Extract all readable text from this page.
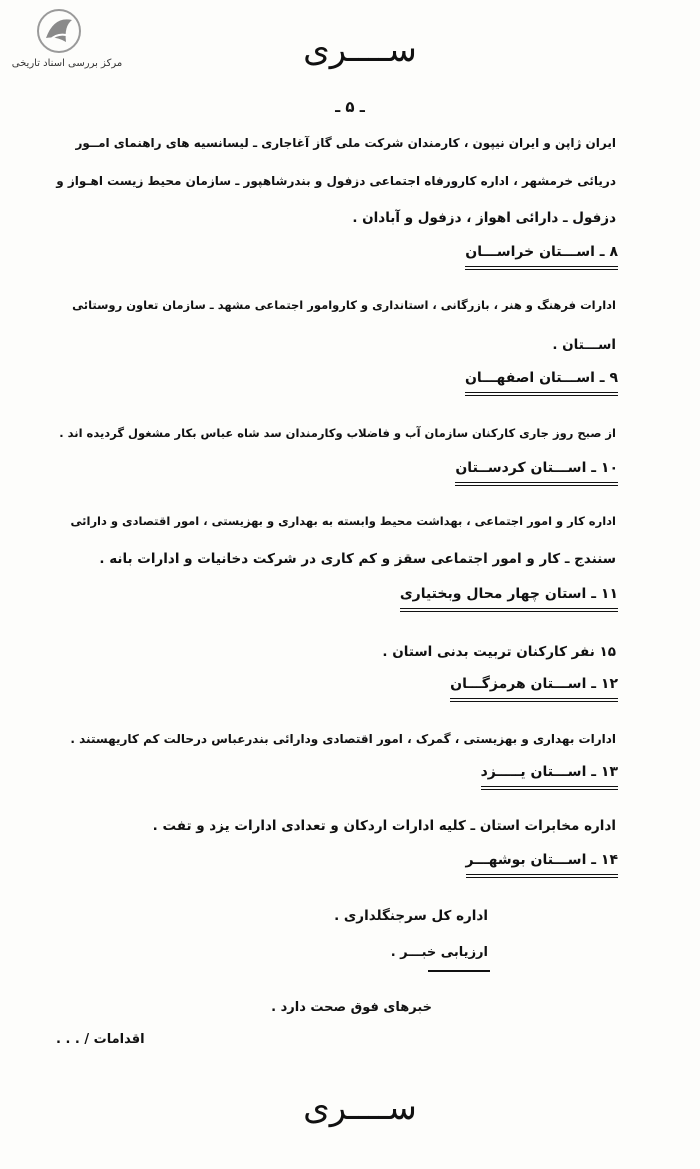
مرکز بررسی اسناد تاریخی	ســــری
ـ ۵ ـ
ایران ژاپن و ایران نیپون ، کارمندان شرکت ملی گاز آغاجاری ـ لیسانسیه های راهنمای امــور
دریائی خرمشهر ، اداره کارورفاه اجتماعی دزفول و بندرشاهپور ـ سازمان محیط زیست اهـواز و
دزفول ـ دارائی اهواز ، دزفول و آبادان .
۸ ـ اســـتان خراســـان
ادارات فرهنگ و هنر ، بازرگانی ، استانداری و کاروامور اجتماعی مشهد ـ سازمان تعاون روستائی
اســـتان .
۹ ـ اســـتان اصفهـــان
از صبح روز جاری کارکنان سازمان آب و فاضلاب وکارمندان سد شاه عباس بکار مشغول گردیده اند .
۱۰ ـ اســـتان کردســتان
اداره کار و امور اجتماعی ، بهداشت محیط وابسته به بهداری و بهزیستی ، امور اقتصادی و دارائی
سنندج ـ کار و امور اجتماعی سقز و کم کاری در شرکت دخانیات و ادارات بانه .
۱۱ ـ استان چهار محال وبختیاری
۱۵ نفر کارکنان تربیت بدنی استان .
۱۲ ـ اســـتان هرمزگـــان
ادارات بهداری و بهزیستی ، گمرک ، امور اقتصادی ودارائی بندرعباس درحالت کم کاریهستند .
۱۳ ـ اســـتان یـــــزد
اداره مخابرات استان ـ کلیه ادارات اردکان و تعدادی ادارات یزد و تفت .
۱۴ ـ اســـتان بوشهـــر
اداره کل سرجنگلداری .
ارزیابی خبـــر .
خبرهای فوق صحت دارد .
اقدامات / . . .
ســــری
